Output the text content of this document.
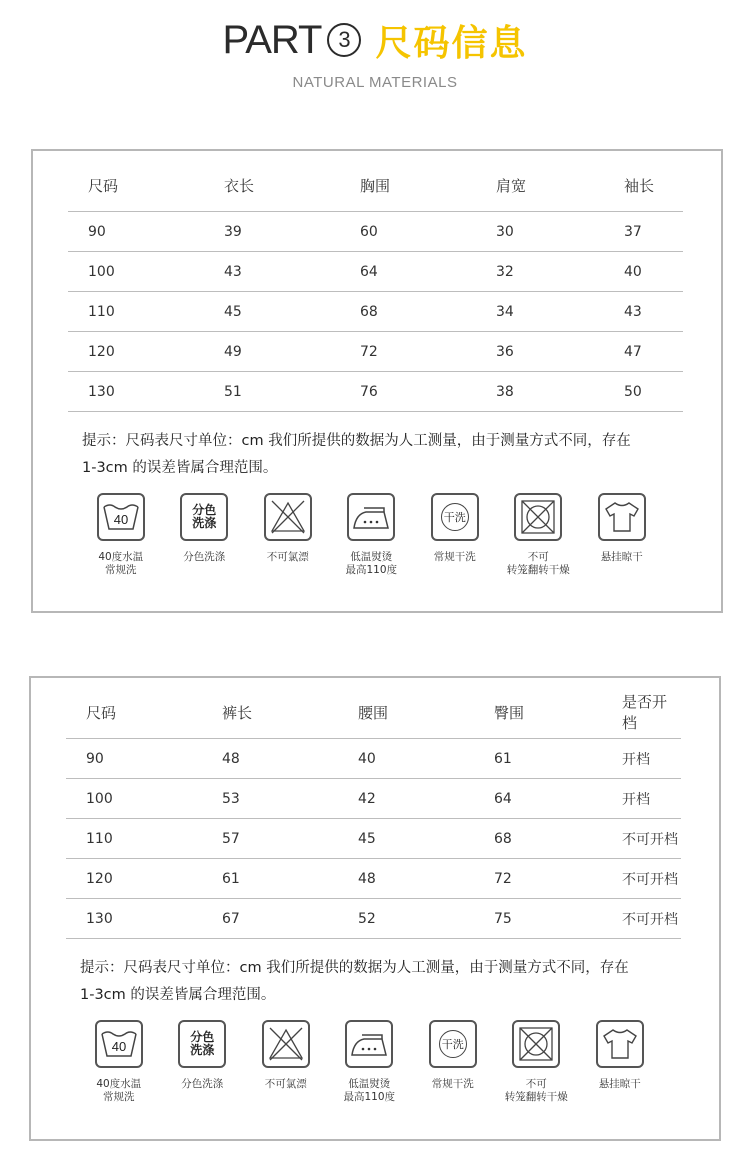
PART 3 尺码信息
NATURAL MATERIALS
尺码	衣长	胸围	肩宽	袖长
90	39	60	30	37
100	43	64	32	40
110	45	68	34	43
120	49	72	36	47
130	51	76	38	50
提示：尺码表尺寸单位：cm 我们所提供的数据为人工测量，由于测量方式不同，存在
1-3cm 的误差皆属合理范围。
40
40度水温
常规洗
分色
洗涤
分色洗涤	不可氯漂	低温熨烫
最高110度
干洗
常规干洗	不可
转笼翻转干燥
悬挂晾干
尺码	裤长	腰围	臀围	是否开档
90	48	40	61	开档
100	53	42	64	开档
110	57	45	68	不可开档
120	61	48	72	不可开档
130	67	52	75	不可开档
提示：尺码表尺寸单位：cm 我们所提供的数据为人工测量，由于测量方式不同，存在
1-3cm 的误差皆属合理范围。
40
40度水温
常规洗
分色
洗涤
分色洗涤	不可氯漂	低温熨烫
最高110度
干洗
常规干洗	不可
转笼翻转干燥
悬挂晾干
